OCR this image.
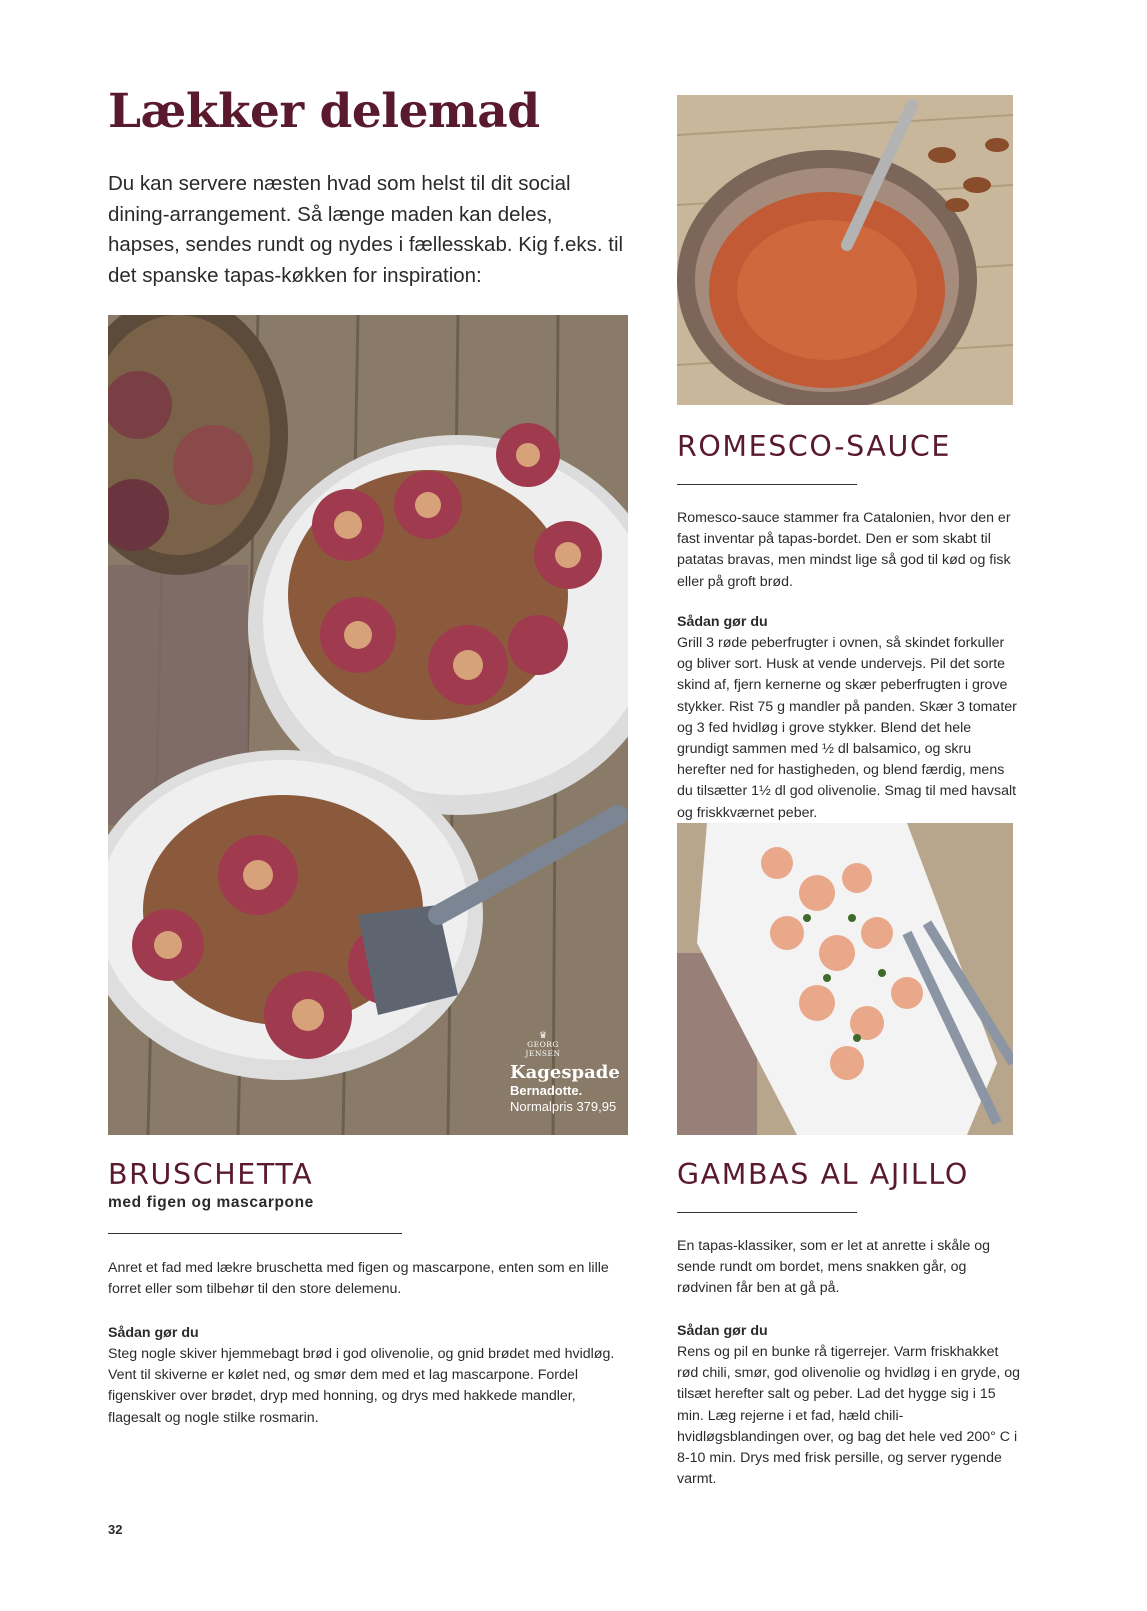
Lækker delemad

Du kan servere næsten hvad som helst til dit social dining-arrangement. Så længe maden kan deles, hapses, sendes rundt og nydes i fællesskab. Kig f.eks. til det spanske tapas-køkken for inspiration:

♛
GEORG JENSEN
Kagespade
Bernadotte.
Normalpris 379,95
ROMESCO-SAUCE

Romesco-sauce stammer fra Catalonien, hvor den er fast inventar på tapas-bordet. Den er som skabt til patatas bravas, men mindst lige så god til kød og fisk eller på groft brød.

Sådan gør du

Grill 3 røde peberfrugter i ovnen, så skindet forkuller og bliver sort. Husk at vende undervejs. Pil det sorte skind af, fjern kernerne og skær peberfrugten i grove stykker. Rist 75 g mandler på panden. Skær 3 tomater og 3 fed hvidløg i grove stykker. Blend det hele grundigt sammen med ½ dl balsamico, og skru herefter ned for hastigheden, og blend færdig, mens du tilsætter 1½ dl god olivenolie. Smag til med havsalt og friskkværnet peber.

BRUSCHETTA

med figen og mascarpone

Anret et fad med lækre bruschetta med figen og mascarpone, enten som en lille forret eller som tilbehør til den store delemenu.

Sådan gør du

Steg nogle skiver hjemmebagt brød i god olivenolie, og gnid brødet med hvidløg. Vent til skiverne er kølet ned, og smør dem med et lag mascarpone. Fordel figenskiver over brødet, dryp med honning, og drys med hakkede mandler, flagesalt og nogle stilke rosmarin.

GAMBAS AL AJILLO

En tapas-klassiker, som er let at anrette i skåle og sende rundt om bordet, mens snakken går, og rødvinen får ben at gå på.

Sådan gør du

Rens og pil en bunke rå tigerrejer. Varm friskhakket rød chili, smør, god olivenolie og hvidløg i en gryde, og tilsæt herefter salt og peber. Lad det hygge sig i 15 min. Læg rejerne i et fad, hæld chili-hvidløgsblandingen over, og bag det hele ved 200° C i 8-10 min. Drys med frisk persille, og server rygende varmt.

32
